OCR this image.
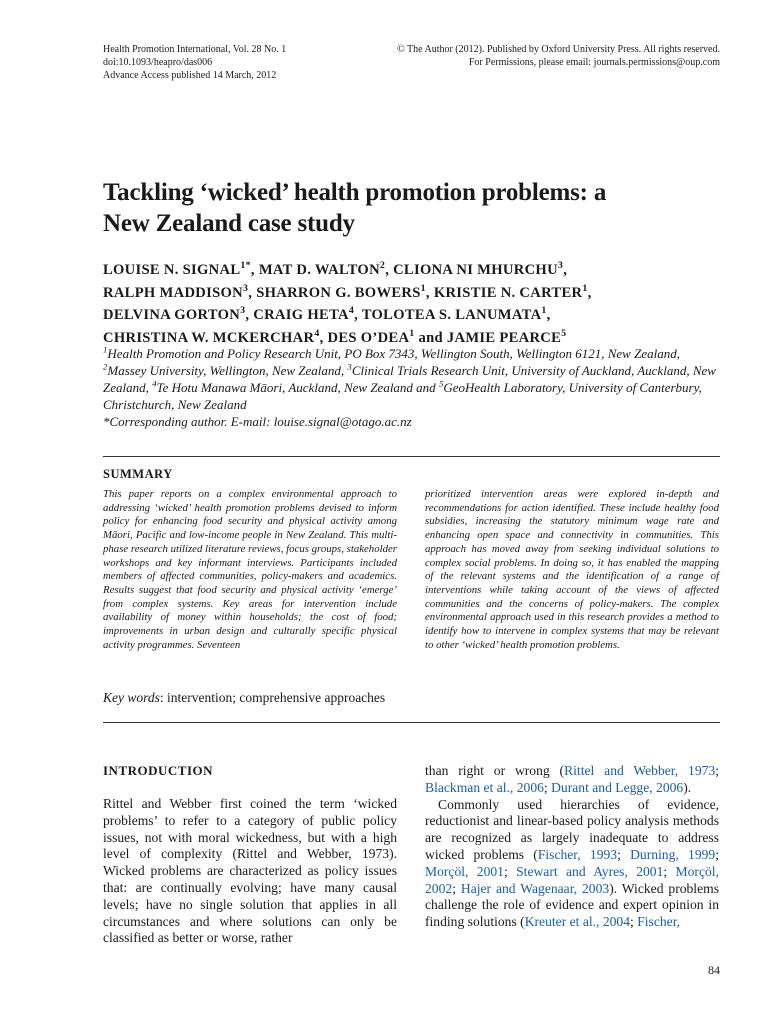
Health Promotion International, Vol. 28 No. 1
doi:10.1093/heapro/das006
Advance Access published 14 March, 2012
© The Author (2012). Published by Oxford University Press. All rights reserved.
For Permissions, please email: journals.permissions@oup.com
Tackling ‘wicked’ health promotion problems: a
New Zealand case study
LOUISE N. $SIGNAL^{1*}$, MAT D. WALTON$^2$, CLIONA NI MHURCHU$^3$,
RALPH MADDISON$^3$, SHARRON G. BOWERS$^1$, KRISTIE N. CARTER$^1$,
DELVINA GORTON$^3$, CRAIG HETA$^4$, TOLOTEA S. LANUMATA$^1$,
CHRISTINA W. MCKERCHAR$^4$, DES O’DEA$^1$ and JAMIE PEARCE$^5$
$^1$Health Promotion and Policy Research Unit, PO Box 7343, Wellington South, Wellington 6121, New Zealand, $^2$Massey University, Wellington, New Zealand, $^3$Clinical Trials Research Unit, University of Auckland, Auckland, New Zealand, $^4$Te Hotu Manawa Māori, Auckland, New Zealand and $^5$GeoHealth Laboratory, University of Canterbury, Christchurch, New Zealand
*Corresponding author. E-mail: louise.signal@otago.ac.nz
SUMMARY
This paper reports on a complex environmental approach to addressing ‘wicked’ health promotion problems devised to inform policy for enhancing food security and physical activity among Māori, Pacific and low-income people in New Zealand. This multi-phase research utilized literature reviews, focus groups, stakeholder workshops and key informant interviews. Participants included members of affected communities, policy-makers and academics. Results suggest that food security and physical activity ‘emerge’ from complex systems. Key areas for intervention include availability of money within households; the cost of food; improvements in urban design and culturally specific physical activity programmes. Seventeen
prioritized intervention areas were explored in-depth and recommendations for action identified. These include healthy food subsidies, increasing the statutory minimum wage rate and enhancing open space and connectivity in communities. This approach has moved away from seeking individual solutions to complex social problems. In doing so, it has enabled the mapping of the relevant systems and the identification of a range of interventions while taking account of the views of affected communities and the concerns of policy-makers. The complex environmental approach used in this research provides a method to identify how to intervene in complex systems that may be relevant to other ‘wicked’ health promotion problems.
Key words: intervention; comprehensive approaches
INTRODUCTION

Rittel and Webber first coined the term ‘wicked problems’ to refer to a category of public policy issues, not with moral wickedness, but with a high level of complexity (Rittel and Webber, 1973). Wicked problems are characterized as policy issues that: are continually evolving; have many causal levels; have no single solution that applies in all circumstances and where solutions can only be classified as better or worse, rather

than right or wrong (Rittel and Webber, 1973; Blackman et al., 2006; Durant and Legge, 2006).

Commonly used hierarchies of evidence, reductionist and linear-based policy analysis methods are recognized as largely inadequate to address wicked problems (Fischer, 1993; Durning, 1999; Morçöl, 2001; Stewart and Ayres, 2001; Morçöl, 2002; Hajer and Wagenaar, 2003). Wicked problems challenge the role of evidence and expert opinion in finding solutions (Kreuter et al., 2004; Fischer,

84
